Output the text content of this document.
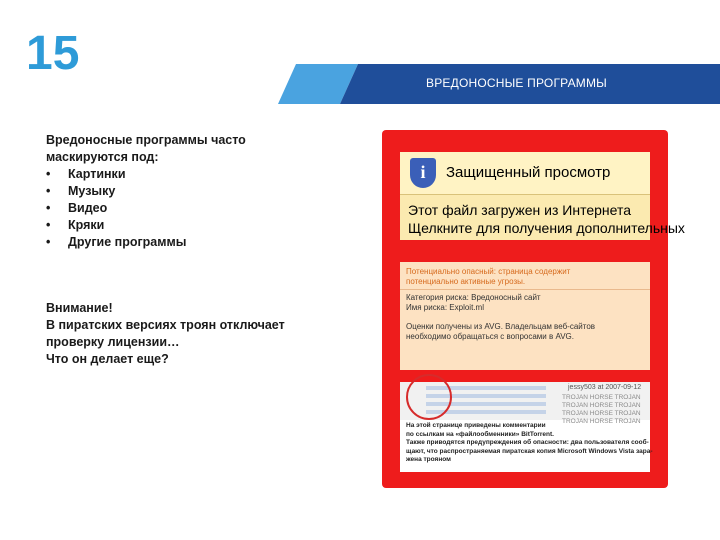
15
ВРЕДОНОСНЫЕ ПРОГРАММЫ
Вредоносные программы часто маскируются под:
• Картинки
• Музыку
• Видео
• Кряки
• Другие программы
Внимание!
В пиратских версиях троян отключает проверку лицензии…
Что он делает еще?
i	Защищенный просмотр
Этот файл загружен из Интернета
Щелкните для получения дополнительных
Потенциально опасный: страница содержит
потенциально активные угрозы.
Категория риска: Вредоносный сайт
Имя риска: Exploit.ml
Оценки получены из AVG. Владельцам веб-сайтов
необходимо обращаться с вопросами в AVG.
jessy503 at 2007-09-12
TROJAN HORSE TROJAN
TROJAN HORSE TROJAN
TROJAN HORSE TROJAN
TROJAN HORSE TROJAN
На этой странице приведены комментарии
по ссылкам на «файлообменники» BitTorrent.
Также приводятся предупреждения об опасности: два пользователя сооб-
щают, что распространяемая пиратская копия Microsoft Windows Vista зара-
жена трояном
